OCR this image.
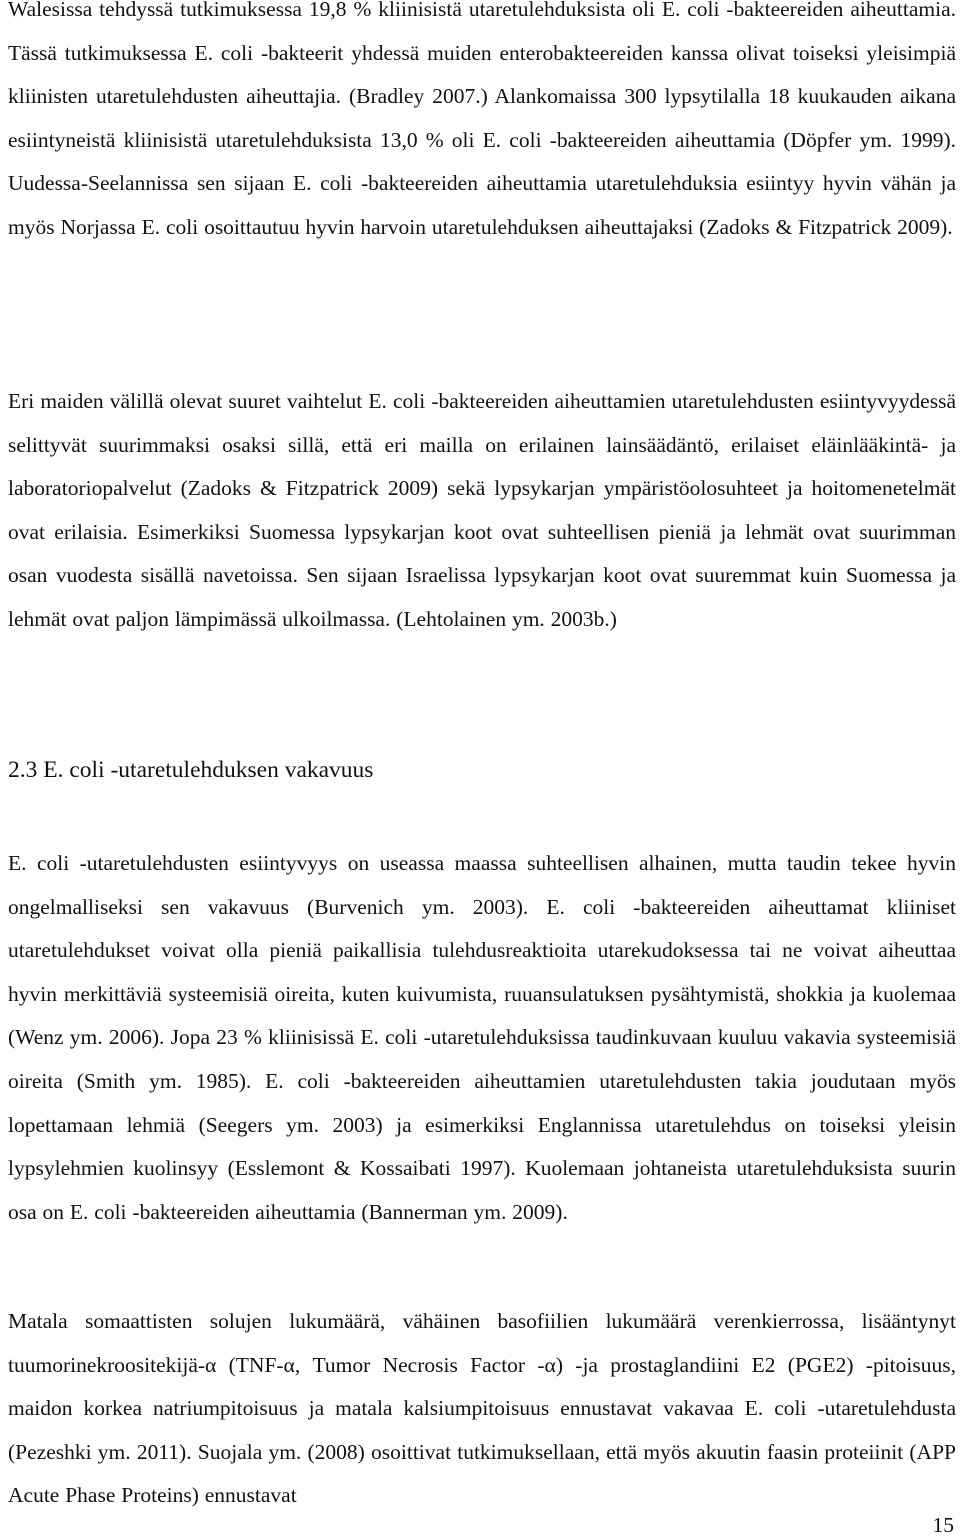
Walesissa tehdyssä tutkimuksessa 19,8 % kliinisistä utaretulehduksista oli E. coli -bakteereiden aiheuttamia. Tässä tutkimuksessa E. coli -bakteerit yhdessä muiden enterobakteereiden kanssa olivat toiseksi yleisimpiä kliinisten utaretulehdusten aiheuttajia. (Bradley 2007.) Alankomaissa 300 lypsytilalla 18 kuukauden aikana esiintyneistä kliinisistä utaretulehduksista 13,0 % oli E. coli -bakteereiden aiheuttamia (Döpfer ym. 1999). Uudessa-Seelannissa sen sijaan E. coli -bakteereiden aiheuttamia utaretulehduksia esiintyy hyvin vähän ja myös Norjassa E. coli osoittautuu hyvin harvoin utaretulehduksen aiheuttajaksi (Zadoks & Fitzpatrick 2009).

Eri maiden välillä olevat suuret vaihtelut E. coli -bakteereiden aiheuttamien utaretulehdusten esiintyvyydessä selittyvät suurimmaksi osaksi sillä, että eri mailla on erilainen lainsäädäntö, erilaiset eläinlääkintä- ja laboratoriopalvelut (Zadoks & Fitzpatrick 2009) sekä lypsykarjan ympäristöolosuhteet ja hoitomenetelmät ovat erilaisia. Esimerkiksi Suomessa lypsykarjan koot ovat suhteellisen pieniä ja lehmät ovat suurimman osan vuodesta sisällä navetoissa. Sen sijaan Israelissa lypsykarjan koot ovat suuremmat kuin Suomessa ja lehmät ovat paljon lämpimässä ulkoilmassa. (Lehtolainen ym. 2003b.)

2.3 E. coli -utaretulehduksen vakavuus

E. coli -utaretulehdusten esiintyvyys on useassa maassa suhteellisen alhainen, mutta taudin tekee hyvin ongelmalliseksi sen vakavuus (Burvenich ym. 2003). E. coli -bakteereiden aiheuttamat kliiniset utaretulehdukset voivat olla pieniä paikallisia tulehdusreaktioita utarekudoksessa tai ne voivat aiheuttaa hyvin merkittäviä systeemisiä oireita, kuten kuivumista, ruuansulatuksen pysähtymistä, shokkia ja kuolemaa (Wenz ym. 2006). Jopa 23 % kliinisissä E. coli -utaretulehduksissa taudinkuvaan kuuluu vakavia systeemisiä oireita (Smith ym. 1985). E. coli -bakteereiden aiheuttamien utaretulehdusten takia joudutaan myös lopettamaan lehmiä (Seegers ym. 2003) ja esimerkiksi Englannissa utaretulehdus on toiseksi yleisin lypsylehmien kuolinsyy (Esslemont & Kossaibati 1997). Kuolemaan johtaneista utaretulehduksista suurin osa on E. coli -bakteereiden aiheuttamia (Bannerman ym. 2009).

Matala somaattisten solujen lukumäärä, vähäinen basofiilien lukumäärä verenkierrossa, lisääntynyt tuumorinekroositekijä-α (TNF-α, Tumor Necrosis Factor -α) -ja prostaglandiini E2 (PGE2) -pitoisuus, maidon korkea natriumpitoisuus ja matala kalsiumpitoisuus ennustavat vakavaa E. coli -utaretulehdusta (Pezeshki ym. 2011). Suojala ym. (2008) osoittivat tutkimuksellaan, että myös akuutin faasin proteiinit (APP Acute Phase Proteins) ennustavat

15
